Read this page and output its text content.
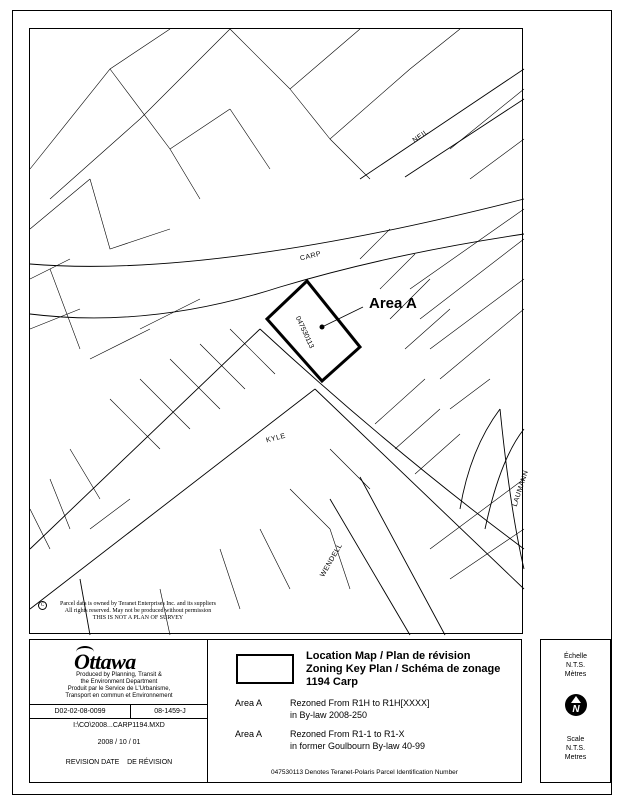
NEIL
CARP
KYLE
WENDELL
LAUMANN
047530113
Area A
C	Parcel data is owned by Teranet Enterprises Inc. and its suppliers
All rights reserved. May not be produced without permission
THIS IS NOT A PLAN OF SURVEY
Ottawa
Produced by Planning, Transit &
the Environment Department
Produit par le Service de L'Urbanisme,
Transport en commun et Environnement
D02-02-08-0099	08-1459-J
I:\CO\2008...CARP1194.MXD
2008 / 10 / 01
REVISION DATE DE RÉVISION
Location Map / Plan de révision
Zoning Key Plan / Schéma de zonage
1194 Carp
Area A	Rezoned From R1H to R1H[XXXX]
in By-law 2008-250
Area A	Rezoned From R1-1 to R1-X
in former Goulbourn By-law 40-99
047530113 Denotes Teranet-Polaris Parcel Identification Number
Échelle
N.T.S.
Mètres
N
Scale
N.T.S.
Metres
